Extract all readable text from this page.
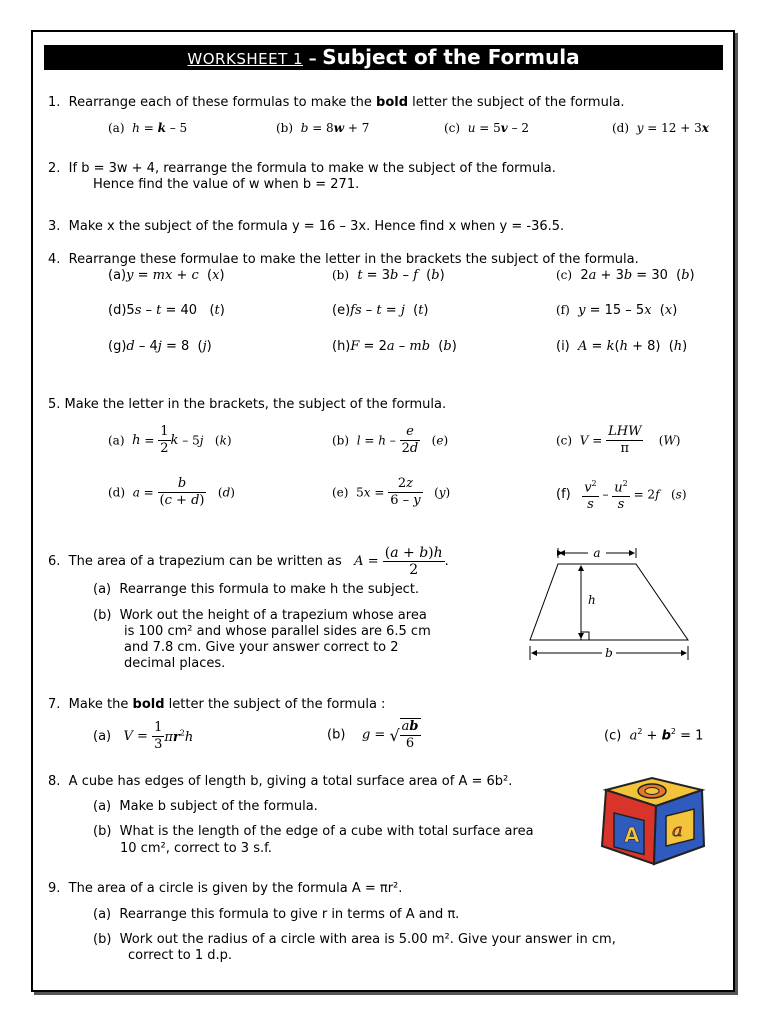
WORKSHEET 1 – Subject of the Formula
1. Rearrange each of these formulas to make the bold letter the subject of the formula.
(a) h = k – 5	(b) b = 8w + 7	(c) u = 5v – 2	(d) y = 12 + 3x
2. If b = 3w + 4, rearrange the formula to make w the subject of the formula.
Hence find the value of w when b = 271.
3. Make x the subject of the formula y = 16 – 3x. Hence find x when y = -36.5.
4. Rearrange these formulae to make the letter in the brackets the subject of the formula.
(a)y = mx + c  (x)	(b) t = 3b – f  (b)	(c)  2a + 3b = 30  (b)
(d)5s – t = 40   (t)	(e)fs – t = j  (t)	(f) y = 15 – 5x  (x)
(g)d – 4j = 8  (j)	(h)F = 2a – mb  (b)	(i) A = k(h + 8)  (h)
5. Make the letter in the brackets, the subject of the formula.
(a) $h = \frac{1}{2}$ k – 5j   (k)	(b) $l = h - \frac{e}{2d} (e)$	(c) $V = \frac{\text{LHW}}{\pi} (W)$
(d) $a = \frac{b}{(c + d)} (d)$	(e) $5x = \frac{2z}{6 - y} (y)$	$(f) \frac{v^2}{s} - \frac{u^2}{s} = 2f$   (s)
6. The area of a trapezium can be written as $A = \frac{(a + b)h}{2}$ .
(a) Rearrange this formula to make h the subject.
(b) Work out the height of a trapezium whose area
is 100 cm² and whose parallel sides are 6.5 cm
and 7.8 cm. Give your answer correct to 2
decimal places.
a
h
b
7. Make the bold letter the subject of the formula :
(a) $V = \frac{1}{3} \pi r^2h$	(b) g = √ $\frac{ab}{6}$	(c) $a^2 + b^2 = 1$
8. A cube has edges of length b, giving a total surface area of A = 6b².
(a) Make b subject of the formula.
(b) What is the length of the edge of a cube with total surface area
10 cm², correct to 3 s.f.
A a
9. The area of a circle is given by the formula A = πr².
(a) Rearrange this formula to give r in terms of A and π.
(b) Work out the radius of a circle with area is 5.00 m². Give your answer in cm,
correct to 1 d.p.
